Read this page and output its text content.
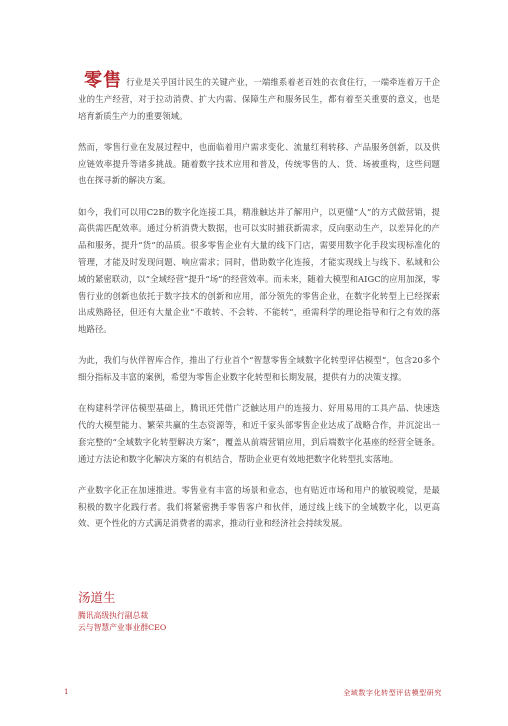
零售 行业是关乎国计民生的关键产业，一端维系着老百姓的衣食住行，一端牵连着万千企业的生产经营，对于拉动消费、扩大内需、保障生产和服务民生，都有着至关重要的意义，也是培育新质生产力的重要领域。

然而，零售行业在发展过程中，也面临着用户需求变化、流量红利转移、产品服务创新，以及供应链效率提升等诸多挑战。随着数字技术应用和普及，传统零售的人、货、场被重构，这些问题也在探寻新的解决方案。

如今，我们可以用C2B的数字化连接工具，精准触达并了解用户，以更懂“人”的方式做营销，提高供需匹配效率。通过分析消费大数据，也可以实时捕获新需求，反向驱动生产，以差异化的产品和服务，提升“货”的品质。很多零售企业有大量的线下门店，需要用数字化手段实现标准化的管理，才能及时发现问题、响应需求；同时，借助数字化连接，才能实现线上与线下、私域和公域的紧密联动，以“全域经营”提升“场”的经营效率。而未来，随着大模型和AIGC的应用加深，零售行业的创新也依托于数字技术的创新和应用，部分领先的零售企业，在数字化转型上已经探索出成熟路径，但还有大量企业“不敢转、不会转、不能转”，亟需科学的理论指导和行之有效的落地路径。

为此，我们与伙伴智库合作，推出了行业首个“智慧零售全域数字化转型评估模型”，包含20多个细分指标及丰富的案例，希望为零售企业数字化转型和长期发展，提供有力的决策支撑。

在构建科学评估模型基础上，腾讯还凭借广泛触达用户的连接力、好用易用的工具产品、快速迭代的大模型能力、繁荣共赢的生态资源等，和近千家头部零售企业达成了战略合作，并沉淀出一套完整的“全域数字化转型解决方案”，覆盖从前端营销应用，到后端数字化基座的经营全链条。通过方法论和数字化解决方案的有机结合，帮助企业更有效地把数字化转型扎实落地。

产业数字化正在加速推进。零售业有丰富的场景和业态，也有贴近市场和用户的敏锐嗅觉，是最积极的数字化践行者。我们将紧密携手零售客户和伙伴，通过线上线下的全域数字化，以更高效、更个性化的方式满足消费者的需求，推动行业和经济社会持续发展。

汤道生

腾讯高级执行副总裁

云与智慧产业事业群CEO

1	全域数字化转型评估模型研究
